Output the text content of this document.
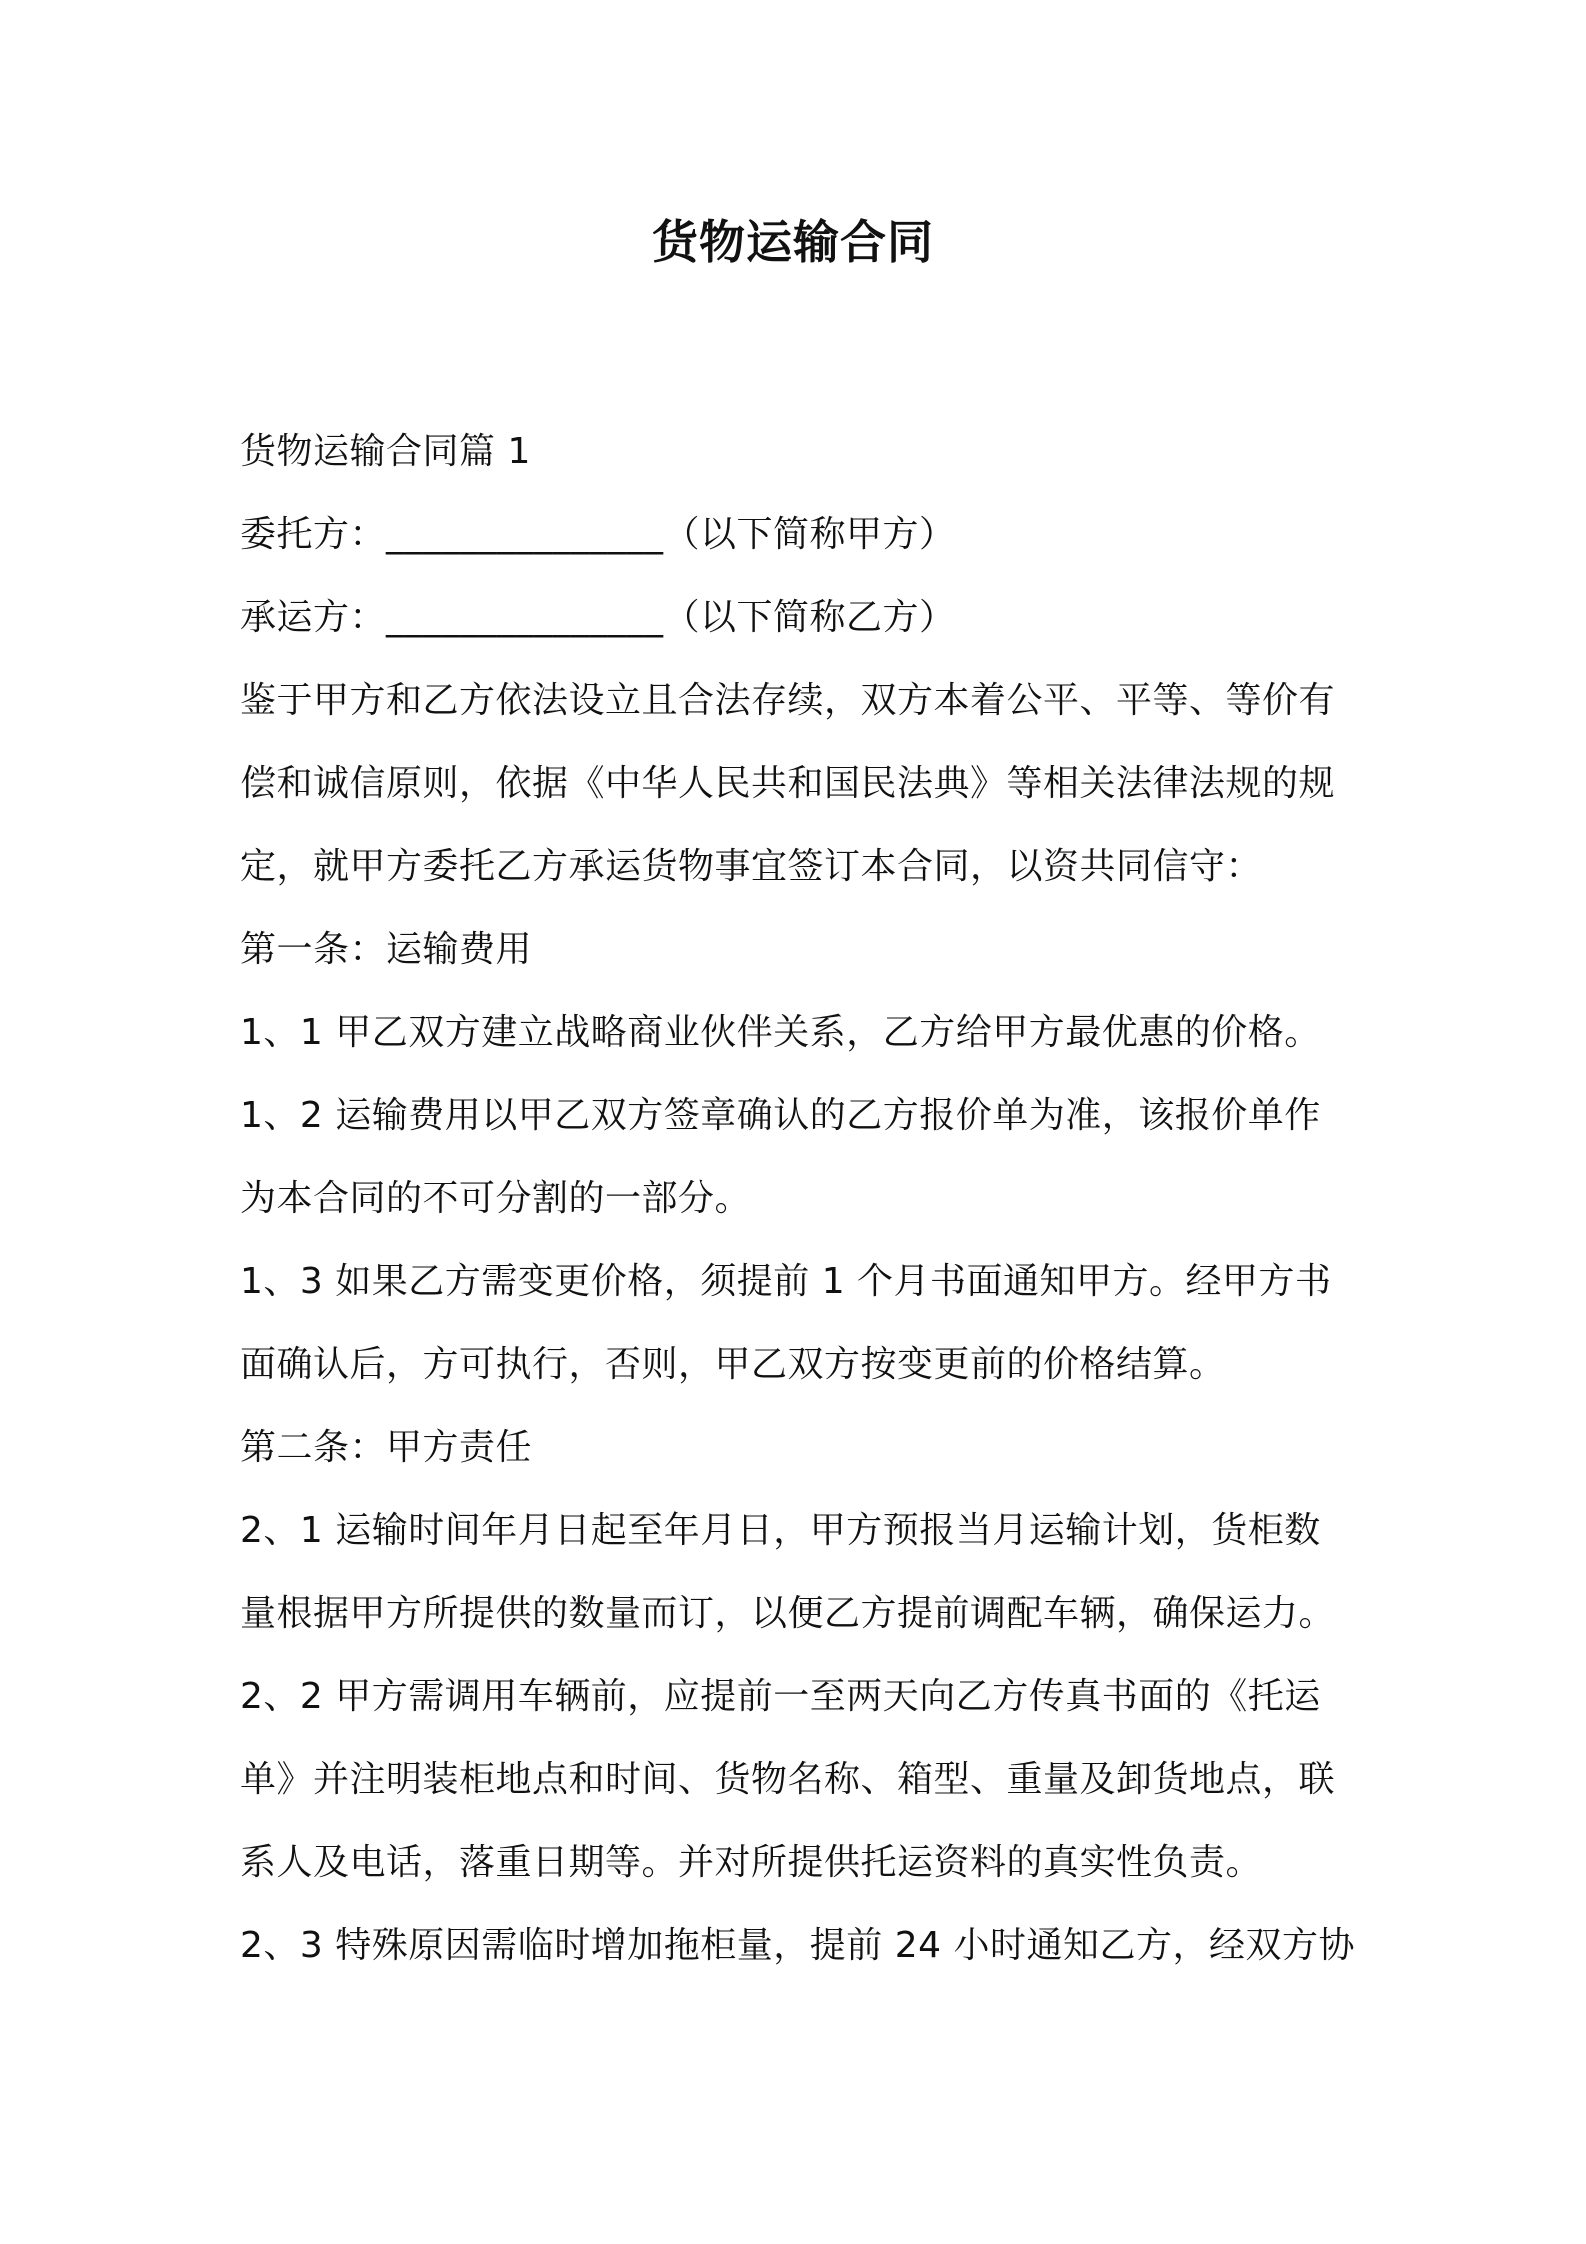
货物运输合同
货物运输合同篇 1
委托方：_______________（以下简称甲方）
承运方：_______________（以下简称乙方）
鉴于甲方和乙方依法设立且合法存续，双方本着公平、平等、等价有
偿和诚信原则，依据《中华人民共和国民法典》等相关法律法规的规
定，就甲方委托乙方承运货物事宜签订本合同，以资共同信守：
第一条：运输费用
1、1 甲乙双方建立战略商业伙伴关系，乙方给甲方最优惠的价格。
1、2 运输费用以甲乙双方签章确认的乙方报价单为准，该报价单作
为本合同的不可分割的一部分。
1、3 如果乙方需变更价格，须提前 1 个月书面通知甲方。经甲方书
面确认后，方可执行，否则，甲乙双方按变更前的价格结算。
第二条：甲方责任
2、1 运输时间年月日起至年月日，甲方预报当月运输计划，货柜数
量根据甲方所提供的数量而订，以便乙方提前调配车辆，确保运力。
2、2 甲方需调用车辆前，应提前一至两天向乙方传真书面的《托运
单》并注明装柜地点和时间、货物名称、箱型、重量及卸货地点，联
系人及电话，落重日期等。并对所提供托运资料的真实性负责。
2、3 特殊原因需临时增加拖柜量，提前 24 小时通知乙方，经双方协
